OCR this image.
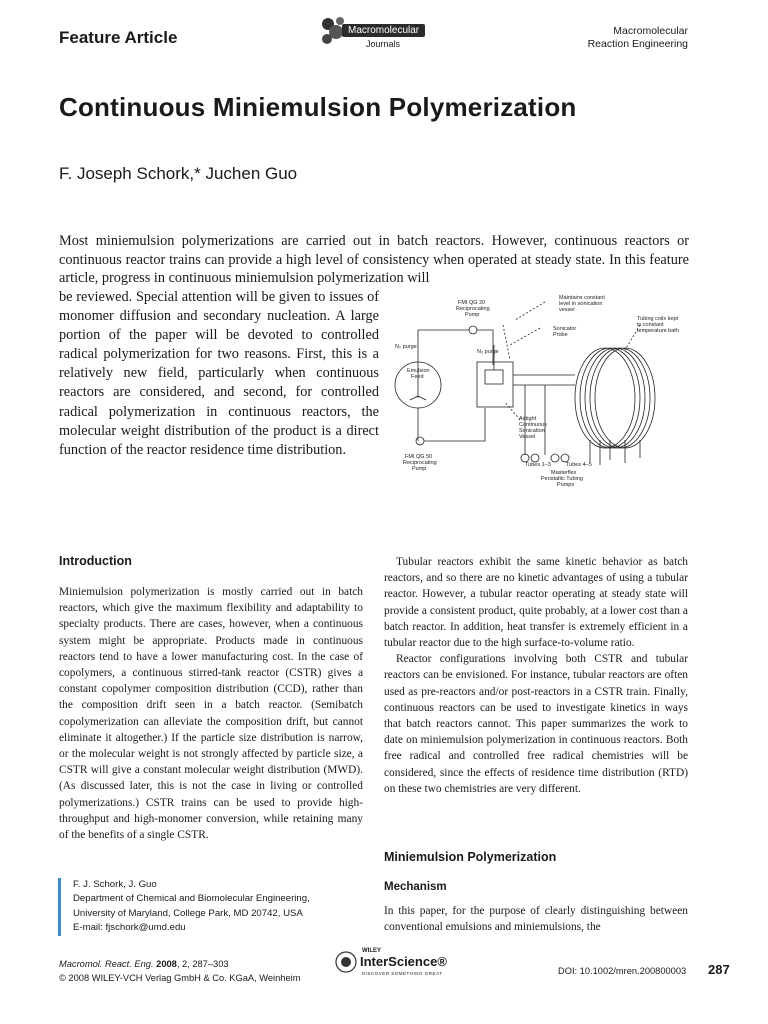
Feature Article	Macromolecular
Journals
Macromolecular
Reaction Engineering
Continuous Miniemulsion Polymerization
F. Joseph Schork,* Juchen Guo
Most miniemulsion polymerizations are carried out in batch reactors. However, continuous reactors or continuous reactor trains can provide a high level of consistency when operated at steady state. In this feature article, progress in continuous miniemulsion polymerization will
be reviewed. Special attention will be given to issues of monomer diffusion and secondary nucleation. A large portion of the paper will be devoted to controlled radical polymerization for two reasons. First, this is a relatively new field, particularly when continuous reactors are considered, and second, for controlled radical polymerization in continuous reactors, the molecular weight distribution of the product is a direct function of the reactor residence time distribution.
FMI QG 20
Reciprocating
Pump
Maintains constant
level in sonication
vessel
Tubing coils kept
in constant
temperature bath
N₂ purge
N₂ purge
Sonicator
Probe
Emulsion
Feed
Airtight
Continuous
Sonication
Vessel
FMI QG 50
Reciprocating
Pump
Tubes 1–3	Tubes 4–5
Masterflex
Peristaltic Tubing
Pumps
Introduction

Miniemulsion polymerization is mostly carried out in batch reactors, which give the maximum flexibility and adaptability to specialty products. There are cases, however, when a continuous system might be appropriate. Products made in continuous reactors tend to have a lower manufacturing cost. In the case of copolymers, a continuous stirred-tank reactor (CSTR) gives a constant copolymer composition distribution (CCD), rather than the composition drift seen in a batch reactor. (Semibatch copolymerization can alleviate the composition drift, but cannot eliminate it altogether.) If the particle size distribution is narrow, or the molecular weight is not strongly affected by particle size, a CSTR will give a constant molecular weight distribution (MWD). (As discussed later, this is not the case in living or controlled polymerizations.) CSTR trains can be used to provide high-throughput and high-monomer conversion, while retaining many of the benefits of a single CSTR.

Tubular reactors exhibit the same kinetic behavior as batch reactors, and so there are no kinetic advantages of using a tubular reactor. However, a tubular reactor operating at steady state will provide a consistent product, quite probably, at a lower cost than a batch reactor. In addition, heat transfer is extremely efficient in a tubular reactor due to the high surface-to-volume ratio.

Reactor configurations involving both CSTR and tubular reactors can be envisioned. For instance, tubular reactors are often used as pre-reactors and/or post-reactors in a CSTR train. Finally, continuous reactors can be used to investigate kinetics in ways that batch reactors cannot. This paper summarizes the work to date on miniemulsion polymerization in continuous reactors. Both free radical and controlled free radical chemistries will be considered, since the effects of residence time distribution (RTD) on these two chemistries are very different.

Miniemulsion Polymerization
Mechanism

In this paper, for the purpose of clearly distinguishing between conventional emulsions and miniemulsions, the

F. J. Schork, J. Guo
Department of Chemical and Biomolecular Engineering,
University of Maryland, College Park, MD 20742, USA
E-mail: fjschork@umd.edu
Macromol. React. Eng. 2008, 2, 287–303
© 2008 WILEY-VCH Verlag GmbH & Co. KGaA, Weinheim
WILEY
InterScience®
DISCOVER SOMETHING GREAT	DOI: 10.1002/mren.200800003 287
